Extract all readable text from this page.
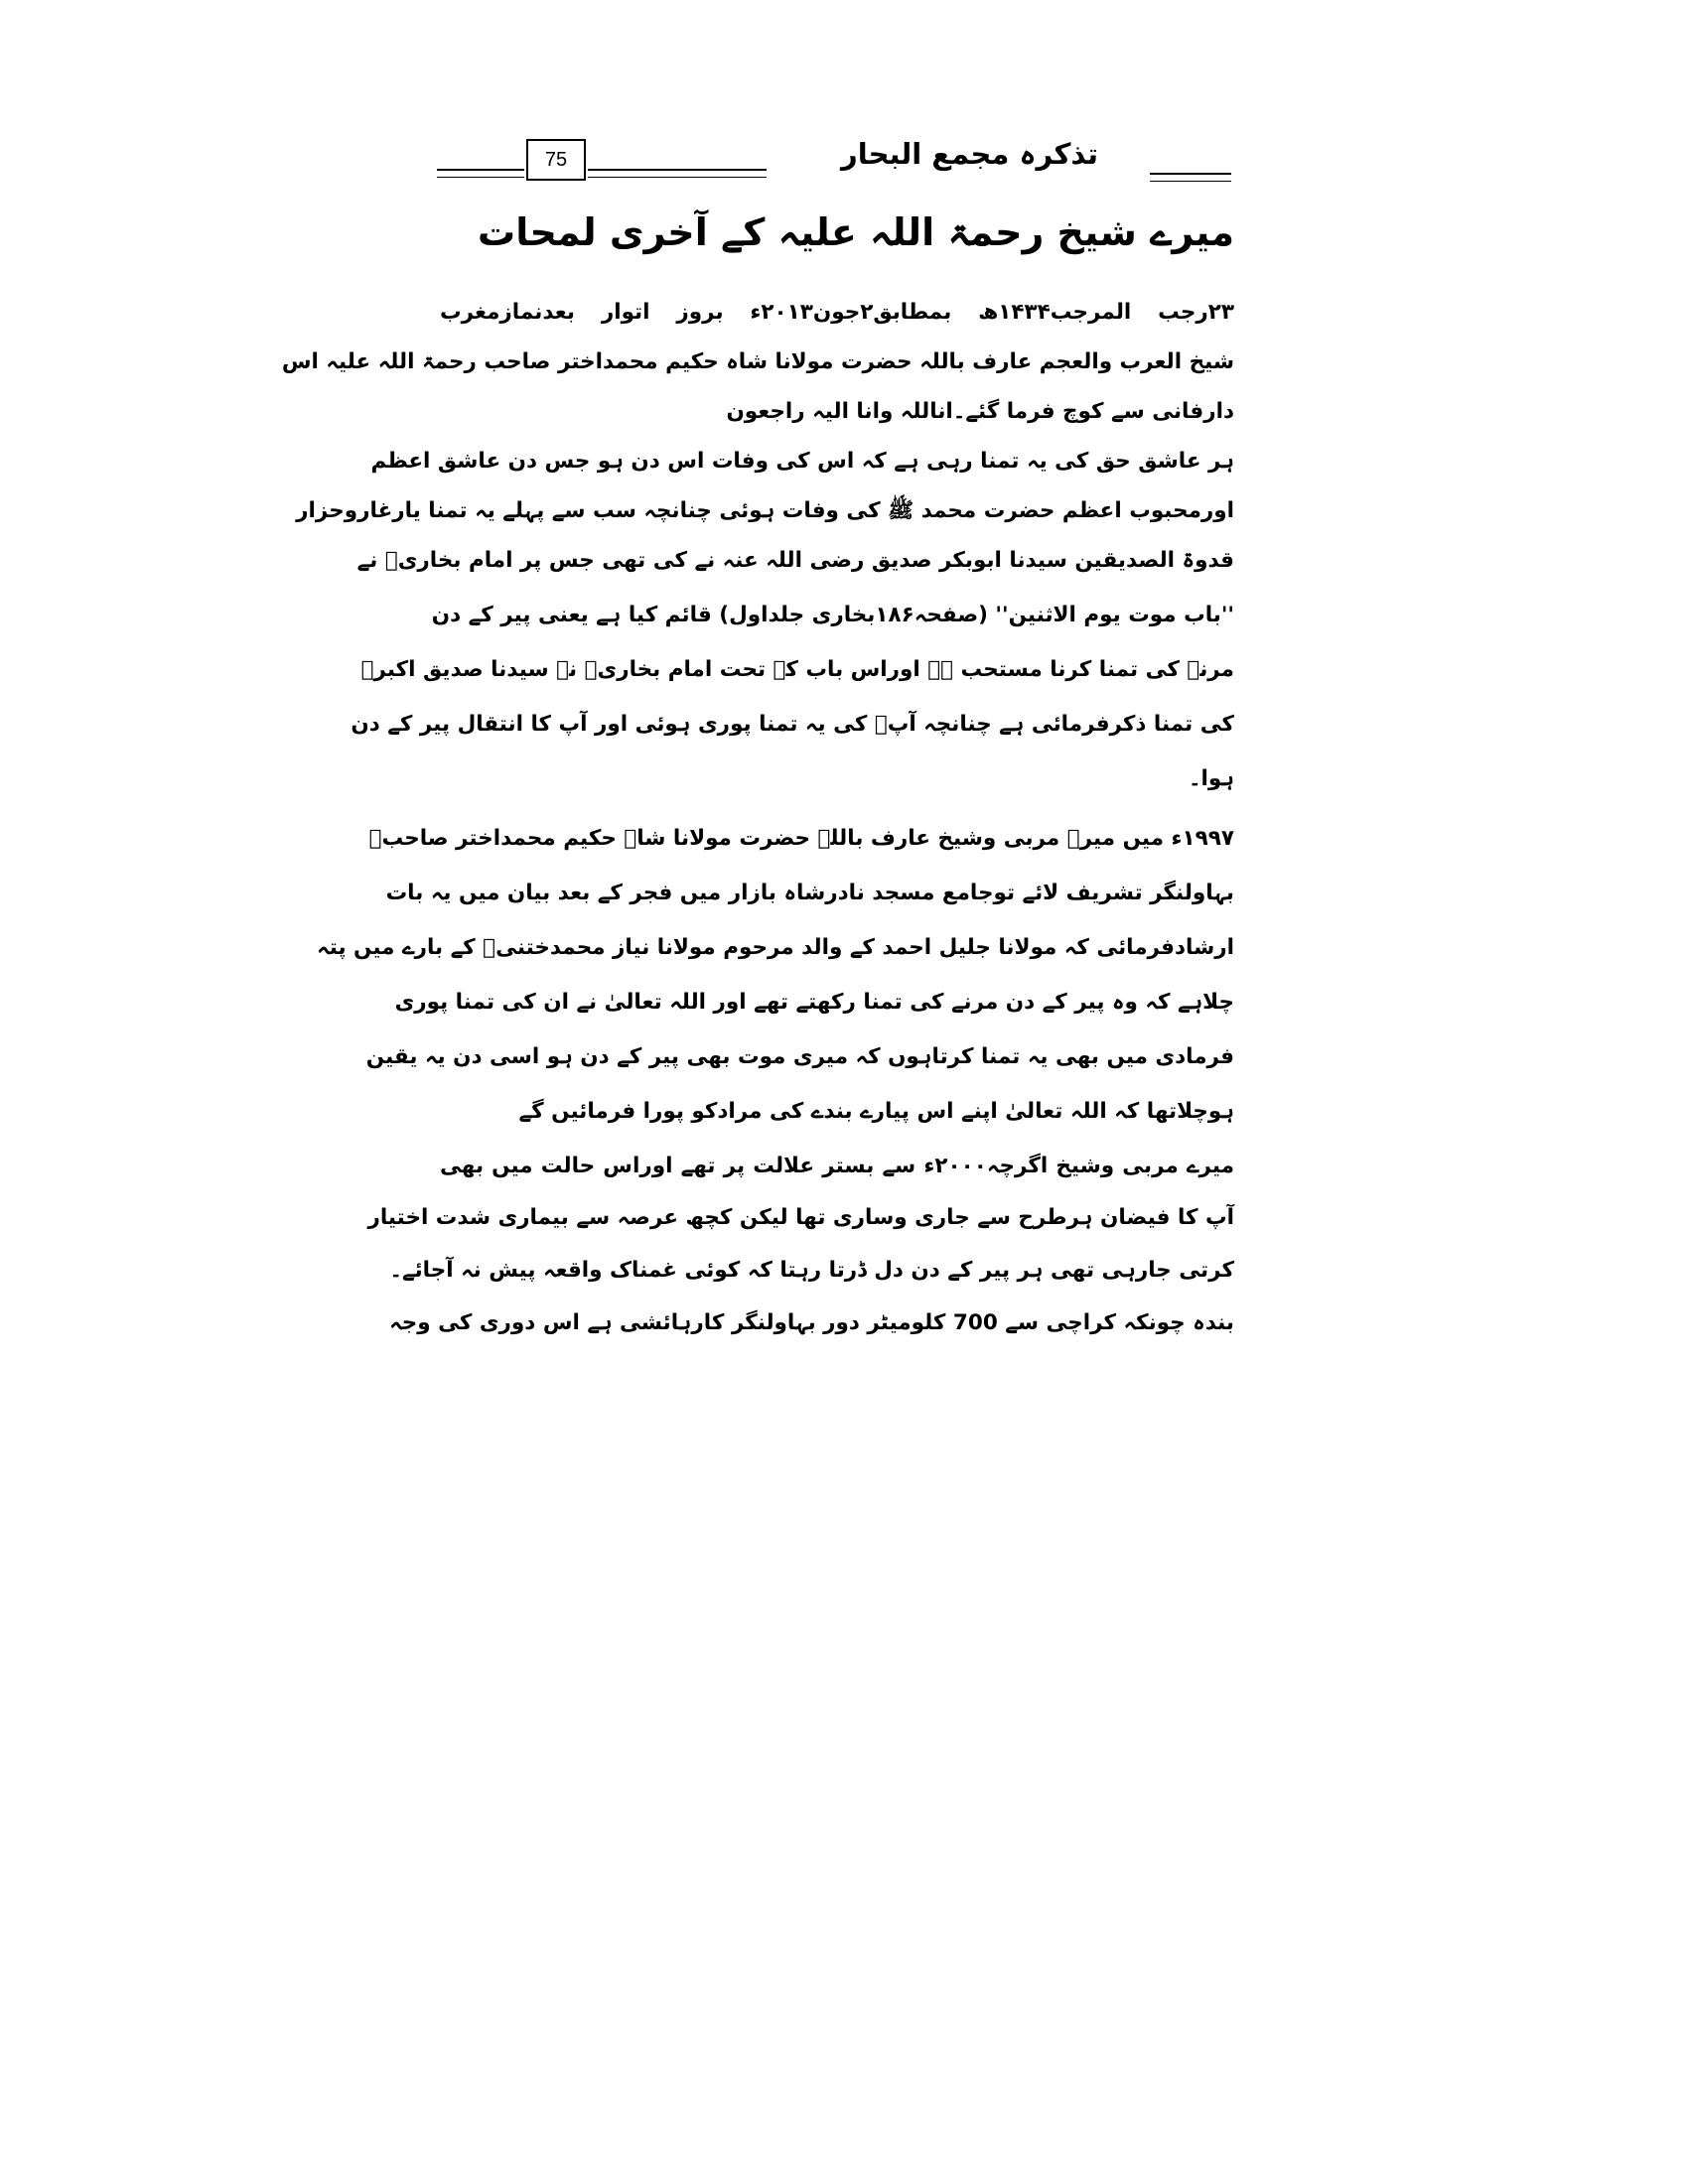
75	تذکرہ مجمع البحار
میرے شیخ رحمۃ اللہ علیہ کے آخری لمحات
۲۳رجب المرجب۱۴۳۴ھ بمطابق۲جون۲۰۱۳ء بروز اتوار بعدنمازمغرب
شیخ العرب والعجم عارف باللہ حضرت مولانا شاہ حکیم محمداختر صاحب رحمۃ اللہ علیہ اس
دارفانی سے کوچ فرما گئے۔اناللہ وانا الیہ راجعون
ہر عاشق حق کی یہ تمنا رہی ہے کہ اس کی وفات اس دن ہو جس دن عاشق اعظم
اورمحبوب اعظم حضرت محمد ﷺ کی وفات ہوئی چنانچہ سب سے پہلے یہ تمنا یارغاروحزار
قدوۃ الصدیقین سیدنا ابوبکر صدیق رضی اللہ عنہ نے کی تھی جس پر امام بخاریؒ نے
''باب موت یوم الاثنین'' (صفحہ۱۸۶بخاری جلداول) قائم کیا ہے یعنی پیر کے دن
مرنے کی تمنا کرنا مستحب ہے اوراس باب کے تحت امام بخاریؒ نے سیدنا صدیق اکبرؓ
کی تمنا ذکرفرمائی ہے چنانچہ آپؓ کی یہ تمنا پوری ہوئی اور آپ کا انتقال پیر کے دن
ہوا۔
۱۹۹۷ء میں میرے مربی وشیخ عارف باللہ حضرت مولانا شاہ حکیم محمداختر صاحبؒ
بہاولنگر تشریف لائے توجامع مسجد نادرشاہ بازار میں فجر کے بعد بیان میں یہ بات
ارشادفرمائی کہ مولانا جلیل احمد کے والد مرحوم مولانا نیاز محمدختنیؒ کے بارے میں پتہ
چلاہے کہ وہ پیر کے دن مرنے کی تمنا رکھتے تھے اور اللہ تعالیٰ نے ان کی تمنا پوری
فرمادی میں بھی یہ تمنا کرتاہوں کہ میری موت بھی پیر کے دن ہو اسی دن یہ یقین
ہوچلاتھا کہ اللہ تعالیٰ اپنے اس پیارے بندے کی مرادکو پورا فرمائیں گے
میرے مربی وشیخ اگرچہ۲۰۰۰ء سے بستر علالت پر تھے اوراس حالت میں بھی
آپ کا فیضان ہرطرح سے جاری وساری تھا لیکن کچھ عرصہ سے بیماری شدت اختیار
کرتی جارہی تھی ہر پیر کے دن دل ڈرتا رہتا کہ کوئی غمناک واقعہ پیش نہ آجائے۔
بندہ چونکہ کراچی سے 700 کلومیٹر دور بہاولنگر کارہائشی ہے اس دوری کی وجہ
